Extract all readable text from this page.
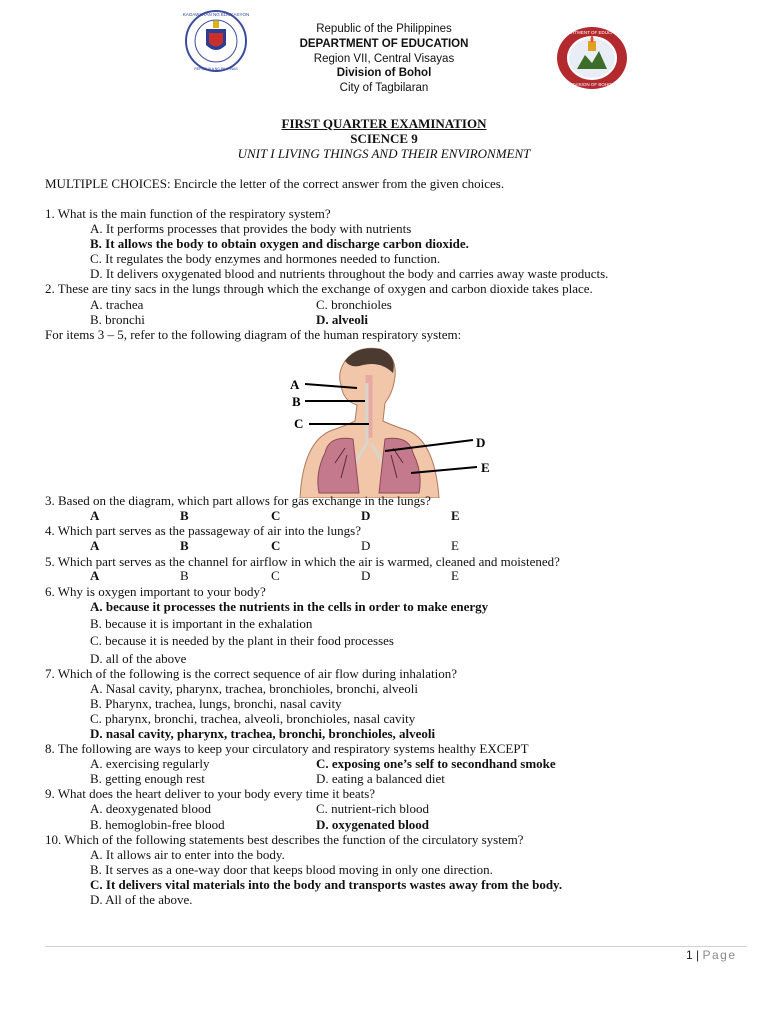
KAGAWARAN NG EDUKASYON
REPUBLIKA NG PILIPINAS
Republic of the Philippines
DEPARTMENT OF EDUCATION
Region VII, Central Visayas
Division of Bohol
City of Tagbilaran
DEPARTMENT OF EDUCATION
DIVISION OF BOHOL
FIRST QUARTER EXAMINATION
SCIENCE 9
UNIT I LIVING THINGS AND THEIR ENVIRONMENT
MULTIPLE CHOICES: Encircle the letter of the correct answer from the given choices.
1. What is the main function of the respiratory system?
A. It performs processes that provides the body with nutrients
B. It allows the body to obtain oxygen and discharge carbon dioxide.
C. It regulates the body enzymes and hormones needed to function.
D. It delivers oxygenated blood and nutrients throughout the body and carries away waste products.
2. These are tiny sacs in the lungs through which the exchange of oxygen and carbon dioxide takes place.
A. trachea	C. bronchioles
B. bronchi	D. alveoli
For items 3 – 5, refer to the following diagram of the human respiratory system:
A
B
C
D
E
3. Based on the diagram, which part allows for gas exchange in the lungs?
A	B	C	D	E
4. Which part serves as the passageway of air into the lungs?
A	B	C	D	E
5. Which part serves as the channel for airflow in which the air is warmed, cleaned and moistened?
A	B	C	D	E
6. Why is oxygen important to your body?
A. because it processes the nutrients in the cells in order to make energy
B. because it is important in the exhalation
C. because it is needed by the plant in their food processes
D. all of the above
7. Which of the following is the correct sequence of air flow during inhalation?
A. Nasal cavity, pharynx, trachea, bronchioles, bronchi, alveoli
B. Pharynx, trachea, lungs, bronchi, nasal cavity
C. pharynx, bronchi, trachea, alveoli, bronchioles, nasal cavity
D. nasal cavity, pharynx, trachea, bronchi, bronchioles, alveoli
8. The following are ways to keep your circulatory and respiratory systems healthy EXCEPT
A. exercising regularly	C. exposing one’s self to secondhand smoke
B. getting enough rest	D. eating a balanced diet
9. What does the heart deliver to your body every time it beats?
A. deoxygenated blood	C. nutrient-rich blood
B. hemoglobin-free blood	D. oxygenated blood
10. Which of the following statements best describes the function of the circulatory system?
A. It allows air to enter into the body.
B. It serves as a one-way door that keeps blood moving in only one direction.
C. It delivers vital materials into the body and transports wastes away from the body.
D. All of the above.
1 | Page
